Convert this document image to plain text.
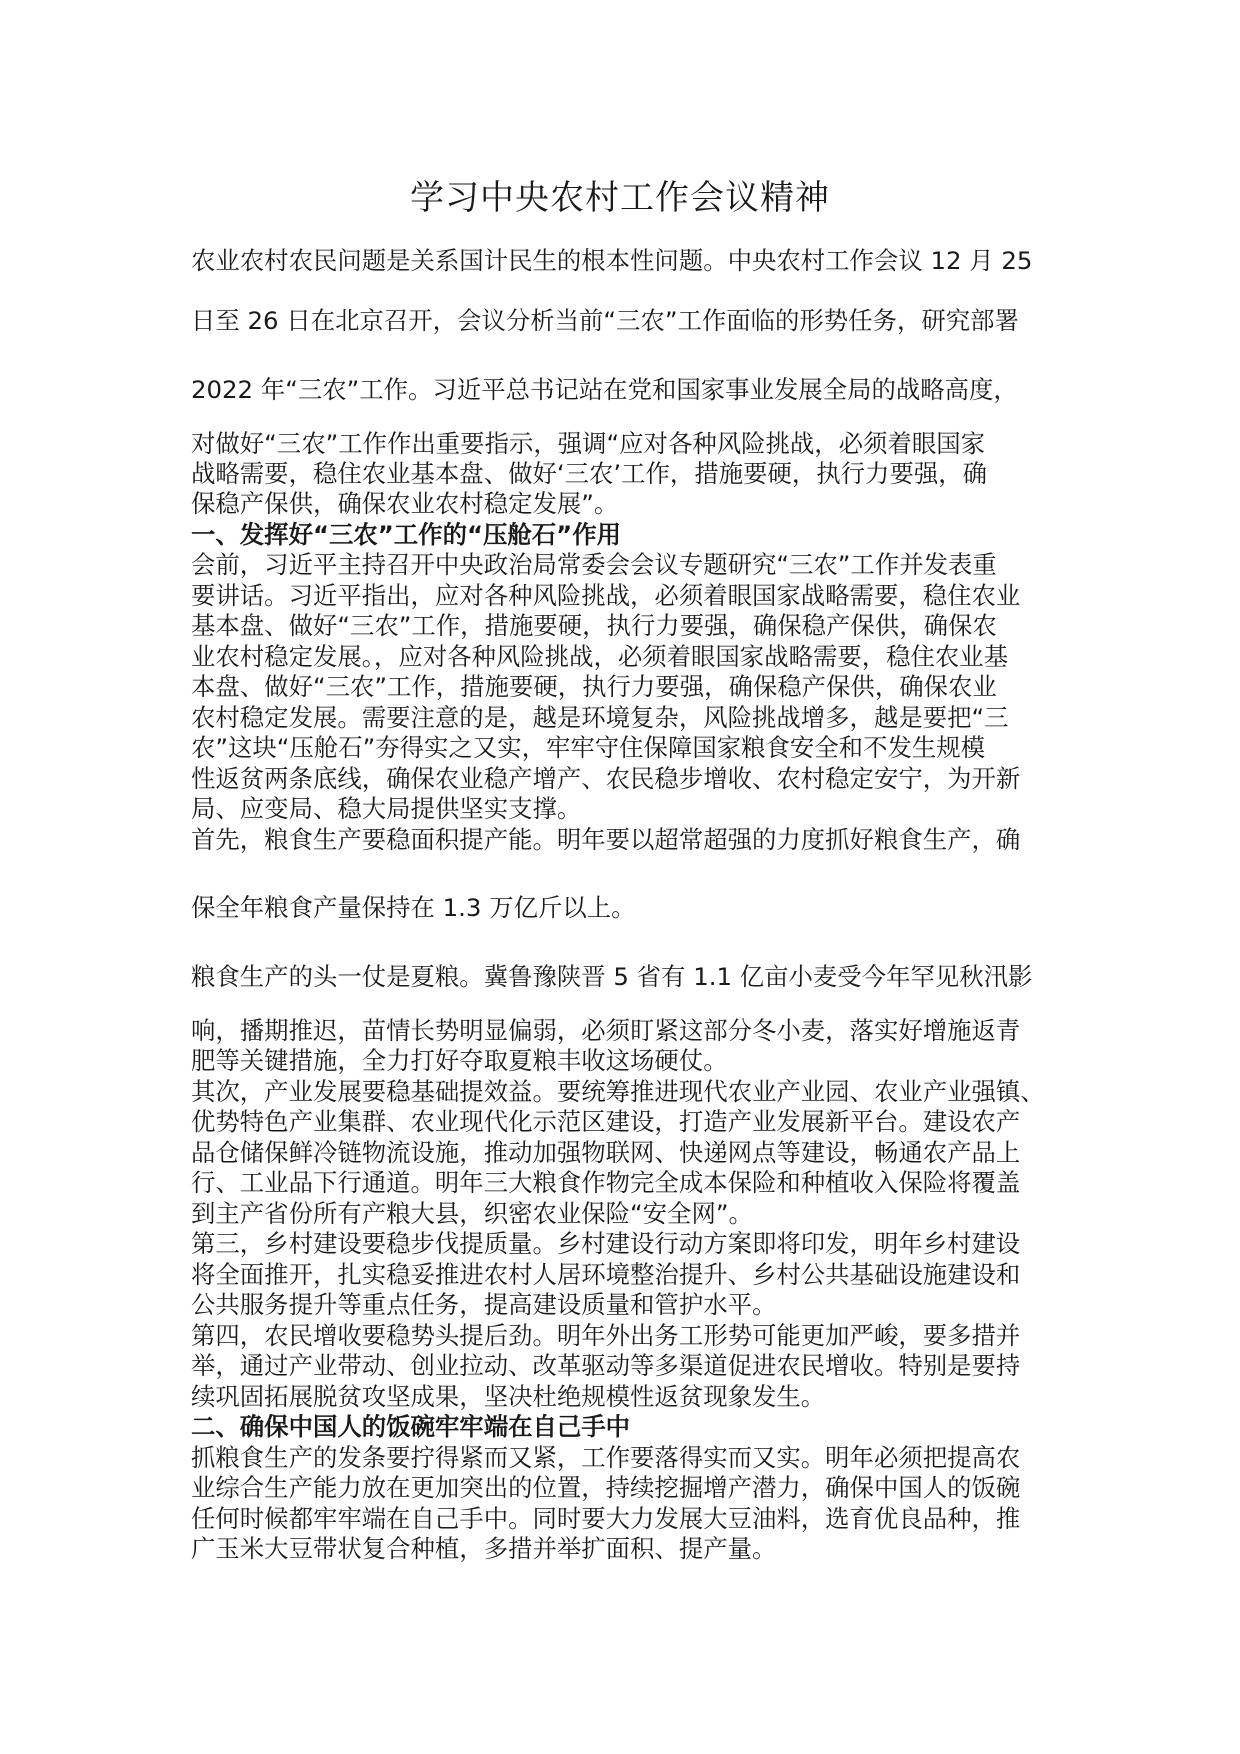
学习中央农村工作会议精神
农业农村农民问题是关系国计民生的根本性问题。中央农村工作会议 12 月 25
日至 26 日在北京召开，会议分析当前“三农”工作面临的形势任务，研究部署
2022 年“三农”工作。习近平总书记站在党和国家事业发展全局的战略高度，
对做好“三农”工作作出重要指示，强调“应对各种风险挑战，必须着眼国家
战略需要，稳住农业基本盘、做好‘三农’工作，措施要硬，执行力要强，确
保稳产保供，确保农业农村稳定发展”。
一、发挥好“三农”工作的“压舱石”作用
会前，习近平主持召开中央政治局常委会会议专题研究“三农”工作并发表重
要讲话。习近平指出，应对各种风险挑战，必须着眼国家战略需要，稳住农业
基本盘、做好“三农”工作，措施要硬，执行力要强，确保稳产保供，确保农
业农村稳定发展。，应对各种风险挑战，必须着眼国家战略需要，稳住农业基
本盘、做好“三农”工作，措施要硬，执行力要强，确保稳产保供，确保农业
农村稳定发展。需要注意的是，越是环境复杂，风险挑战增多，越是要把“三
农”这块“压舱石”夯得实之又实，牢牢守住保障国家粮食安全和不发生规模
性返贫两条底线，确保农业稳产增产、农民稳步增收、农村稳定安宁，为开新
局、应变局、稳大局提供坚实支撑。
首先，粮食生产要稳面积提产能。明年要以超常超强的力度抓好粮食生产，确
保全年粮食产量保持在 1.3 万亿斤以上。
粮食生产的头一仗是夏粮。冀鲁豫陕晋 5 省有 1.1 亿亩小麦受今年罕见秋汛影
响，播期推迟，苗情长势明显偏弱，必须盯紧这部分冬小麦，落实好增施返青
肥等关键措施，全力打好夺取夏粮丰收这场硬仗。
其次，产业发展要稳基础提效益。要统筹推进现代农业产业园、农业产业强镇、
优势特色产业集群、农业现代化示范区建设，打造产业发展新平台。建设农产
品仓储保鲜冷链物流设施，推动加强物联网、快递网点等建设，畅通农产品上
行、工业品下行通道。明年三大粮食作物完全成本保险和种植收入保险将覆盖
到主产省份所有产粮大县，织密农业保险“安全网”。
第三，乡村建设要稳步伐提质量。乡村建设行动方案即将印发，明年乡村建设
将全面推开，扎实稳妥推进农村人居环境整治提升、乡村公共基础设施建设和
公共服务提升等重点任务，提高建设质量和管护水平。
第四，农民增收要稳势头提后劲。明年外出务工形势可能更加严峻，要多措并
举，通过产业带动、创业拉动、改革驱动等多渠道促进农民增收。特别是要持
续巩固拓展脱贫攻坚成果，坚决杜绝规模性返贫现象发生。
二、确保中国人的饭碗牢牢端在自己手中
抓粮食生产的发条要拧得紧而又紧，工作要落得实而又实。明年必须把提高农
业综合生产能力放在更加突出的位置，持续挖掘增产潜力，确保中国人的饭碗
任何时候都牢牢端在自己手中。同时要大力发展大豆油料，选育优良品种，推
广玉米大豆带状复合种植，多措并举扩面积、提产量。
